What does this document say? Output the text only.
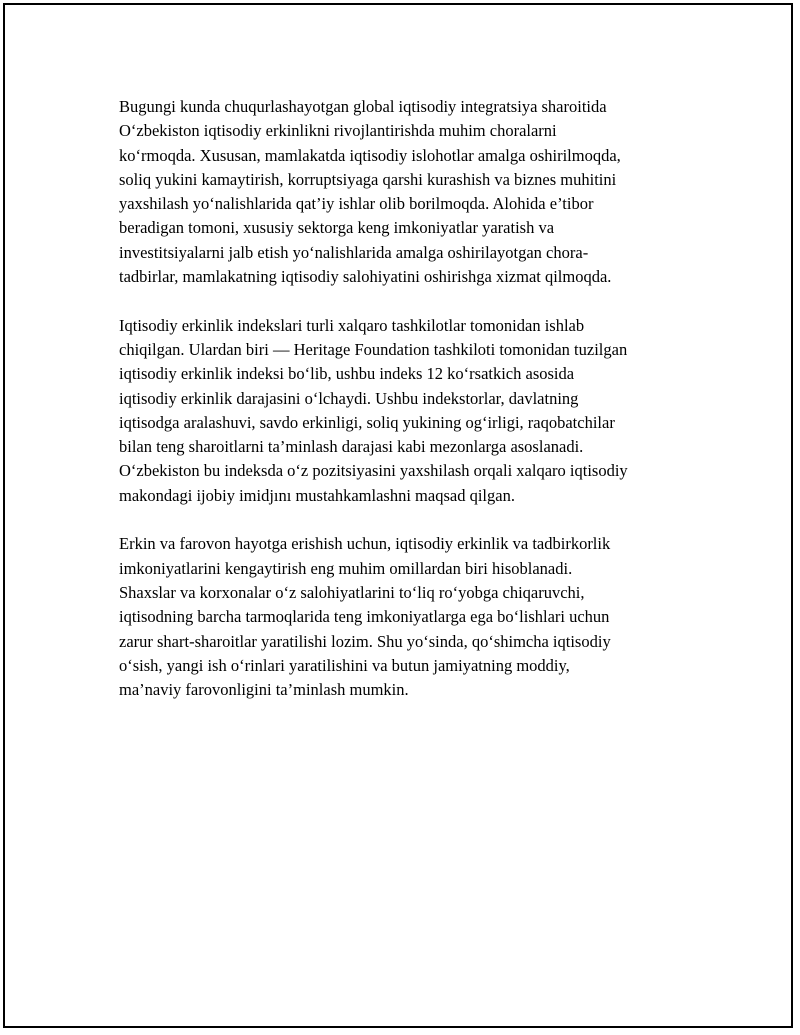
Bugungi kunda chuqurlashayotgan global iqtisodiy integratsiya sharoitida
O‘zbekiston iqtisodiy erkinlikni rivojlantirishda muhim choralarni
ko‘rmoqda. Xususan, mamlakatda iqtisodiy islohotlar amalga oshirilmoqda,
soliq yukini kamaytirish, korruptsiyaga qarshi kurashish va biznes muhitini
yaxshilash yo‘nalishlarida qat’iy ishlar olib borilmoqda. Alohida e’tibor
beradigan tomoni, xususiy sektorga keng imkoniyatlar yaratish va
investitsiyalarni jalb etish yo‘nalishlarida amalga oshirilayotgan chora-
tadbirlar, mamlakatning iqtisodiy salohiyatini oshirishga xizmat qilmoqda.

Iqtisodiy erkinlik indekslari turli xalqaro tashkilotlar tomonidan ishlab
chiqilgan. Ulardan biri — Heritage Foundation tashkiloti tomonidan tuzilgan
iqtisodiy erkinlik indeksi bo‘lib, ushbu indeks 12 ko‘rsatkich asosida
iqtisodiy erkinlik darajasini o‘lchaydi. Ushbu indekstorlar, davlatning
iqtisodga aralashuvi, savdo erkinligi, soliq yukining og‘irligi, raqobatchilar
bilan teng sharoitlarni ta’minlash darajasi kabi mezonlarga asoslanadi.
O‘zbekiston bu indeksda o‘z pozitsiyasini yaxshilash orqali xalqaro iqtisodiy
makondagi ijobiy imidjını mustahkamlashni maqsad qilgan.

Erkin va farovon hayotga erishish uchun, iqtisodiy erkinlik va tadbirkorlik
imkoniyatlarini kengaytirish eng muhim omillardan biri hisoblanadi.
Shaxslar va korxonalar o‘z salohiyatlarini to‘liq ro‘yobga chiqaruvchi,
iqtisodning barcha tarmoqlarida teng imkoniyatlarga ega bo‘lishlari uchun
zarur shart-sharoitlar yaratilishi lozim. Shu yo‘sinda, qo‘shimcha iqtisodiy
o‘sish, yangi ish o‘rinlari yaratilishini va butun jamiyatning moddiy,
ma’naviy farovonligini ta’minlash mumkin.
